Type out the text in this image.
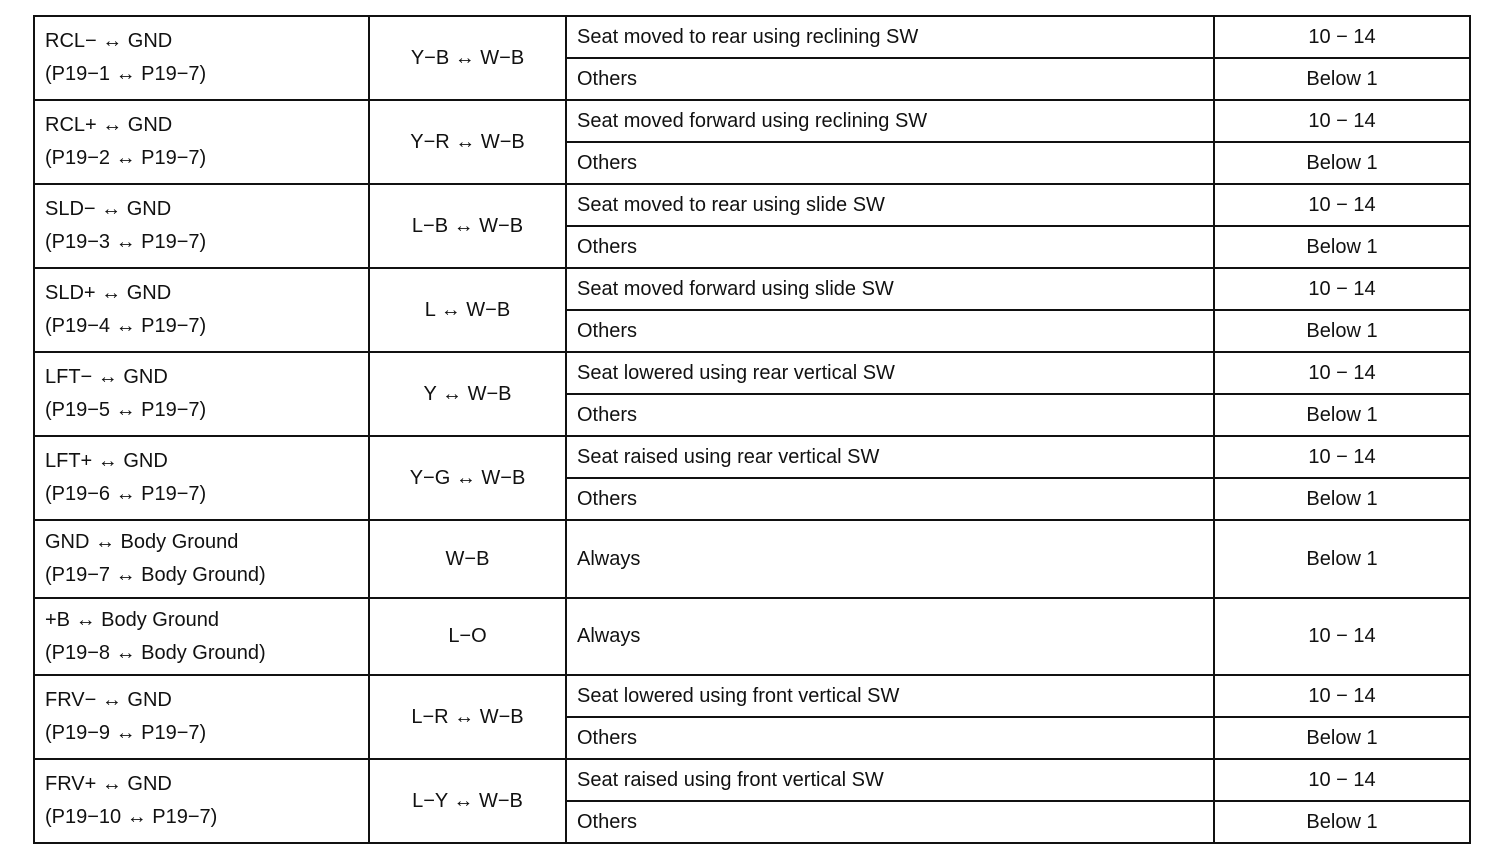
RCL− ↔ GND
(P19−1 ↔ P19−7)	Y−B ↔ W−B	Seat moved to rear using reclining SW	10 − 14
		Others	Below 1

RCL+ ↔ GND
(P19−2 ↔ P19−7)	Y−R ↔ W−B	Seat moved forward using reclining SW	10 − 14
		Others	Below 1

SLD− ↔ GND
(P19−3 ↔ P19−7)	L−B ↔ W−B	Seat moved to rear using slide SW	10 − 14
		Others	Below 1

SLD+ ↔ GND
(P19−4 ↔ P19−7)	L ↔ W−B	Seat moved forward using slide SW	10 − 14
		Others	Below 1

LFT− ↔ GND
(P19−5 ↔ P19−7)	Y ↔ W−B	Seat lowered using rear vertical SW	10 − 14
		Others	Below 1

LFT+ ↔ GND
(P19−6 ↔ P19−7)	Y−G ↔ W−B	Seat raised using rear vertical SW	10 − 14
		Others	Below 1

GND ↔ Body Ground
(P19−7 ↔ Body Ground)	W−B	Always	Below 1

+B ↔ Body Ground
(P19−8 ↔ Body Ground)	L−O	Always	10 − 14

FRV− ↔ GND
(P19−9 ↔ P19−7)	L−R ↔ W−B	Seat lowered using front vertical SW	10 − 14
		Others	Below 1

FRV+ ↔ GND
(P19−10 ↔ P19−7)	L−Y ↔ W−B	Seat raised using front vertical SW	10 − 14
		Others	Below 1
